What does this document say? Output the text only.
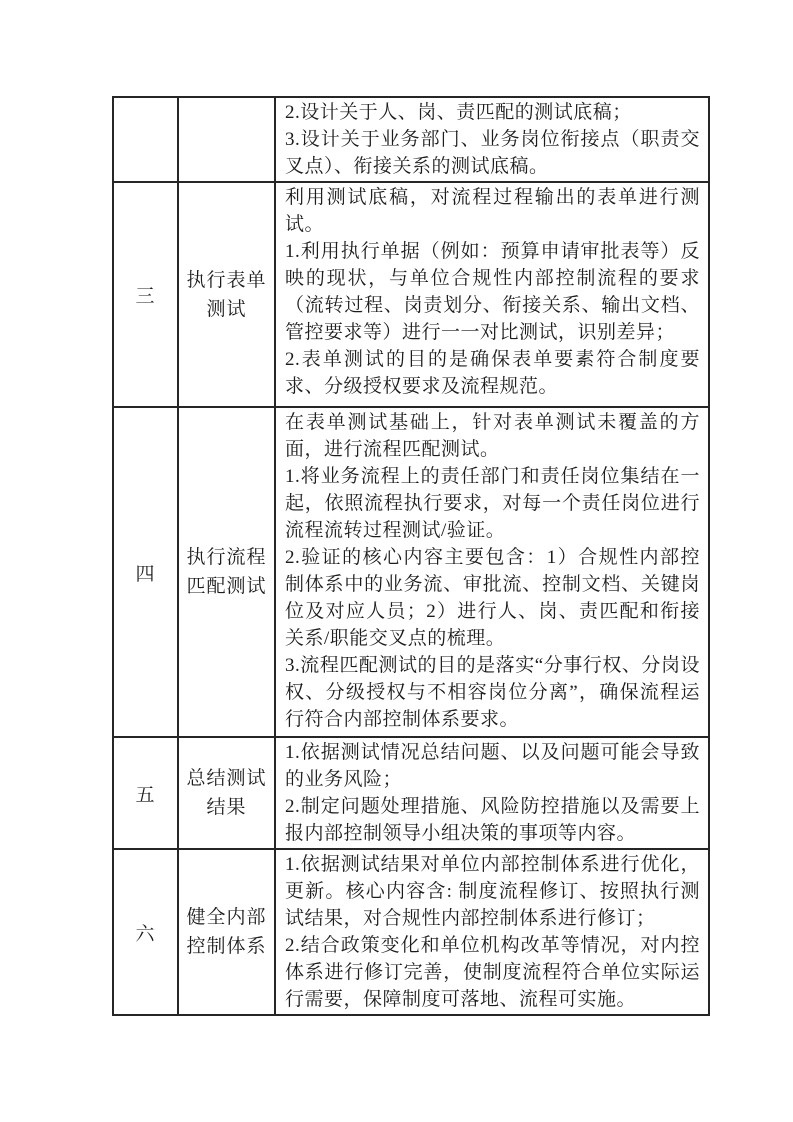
		2.设计关于人、岗、责匹配的测试底稿；

3.设计关于业务部门、业务岗位衔接点（职责交叉点）、衔接关系的测试底稿。

三	执行表单测试	利用测试底稿，对流程过程输出的表单进行测试。

1.利用执行单据（例如：预算申请审批表等）反映的现状，与单位合规性内部控制流程的要求（流转过程、岗责划分、衔接关系、输出文档、管控要求等）进行一一对比测试，识别差异；

2.表单测试的目的是确保表单要素符合制度要求、分级授权要求及流程规范。

四	执行流程匹配测试	在表单测试基础上，针对表单测试未覆盖的方面，进行流程匹配测试。

1.将业务流程上的责任部门和责任岗位集结在一起，依照流程执行要求，对每一个责任岗位进行流程流转过程测试/验证。

2.验证的核心内容主要包含：1）合规性内部控制体系中的业务流、审批流、控制文档、关键岗位及对应人员；2）进行人、岗、责匹配和衔接关系/职能交叉点的梳理。

3.流程匹配测试的目的是落实“分事行权、分岗设权、分级授权与不相容岗位分离”，确保流程运行符合内部控制体系要求。

五	总结测试结果	1.依据测试情况总结问题、以及问题可能会导致的业务风险；

2.制定问题处理措施、风险防控措施以及需要上报内部控制领导小组决策的事项等内容。

六	健全内部控制体系	1.依据测试结果对单位内部控制体系进行优化，更新。核心内容含: 制度流程修订、按照执行测试结果，对合规性内部控制体系进行修订；

2.结合政策变化和单位机构改革等情况，对内控体系进行修订完善，使制度流程符合单位实际运行需要，保障制度可落地、流程可实施。
